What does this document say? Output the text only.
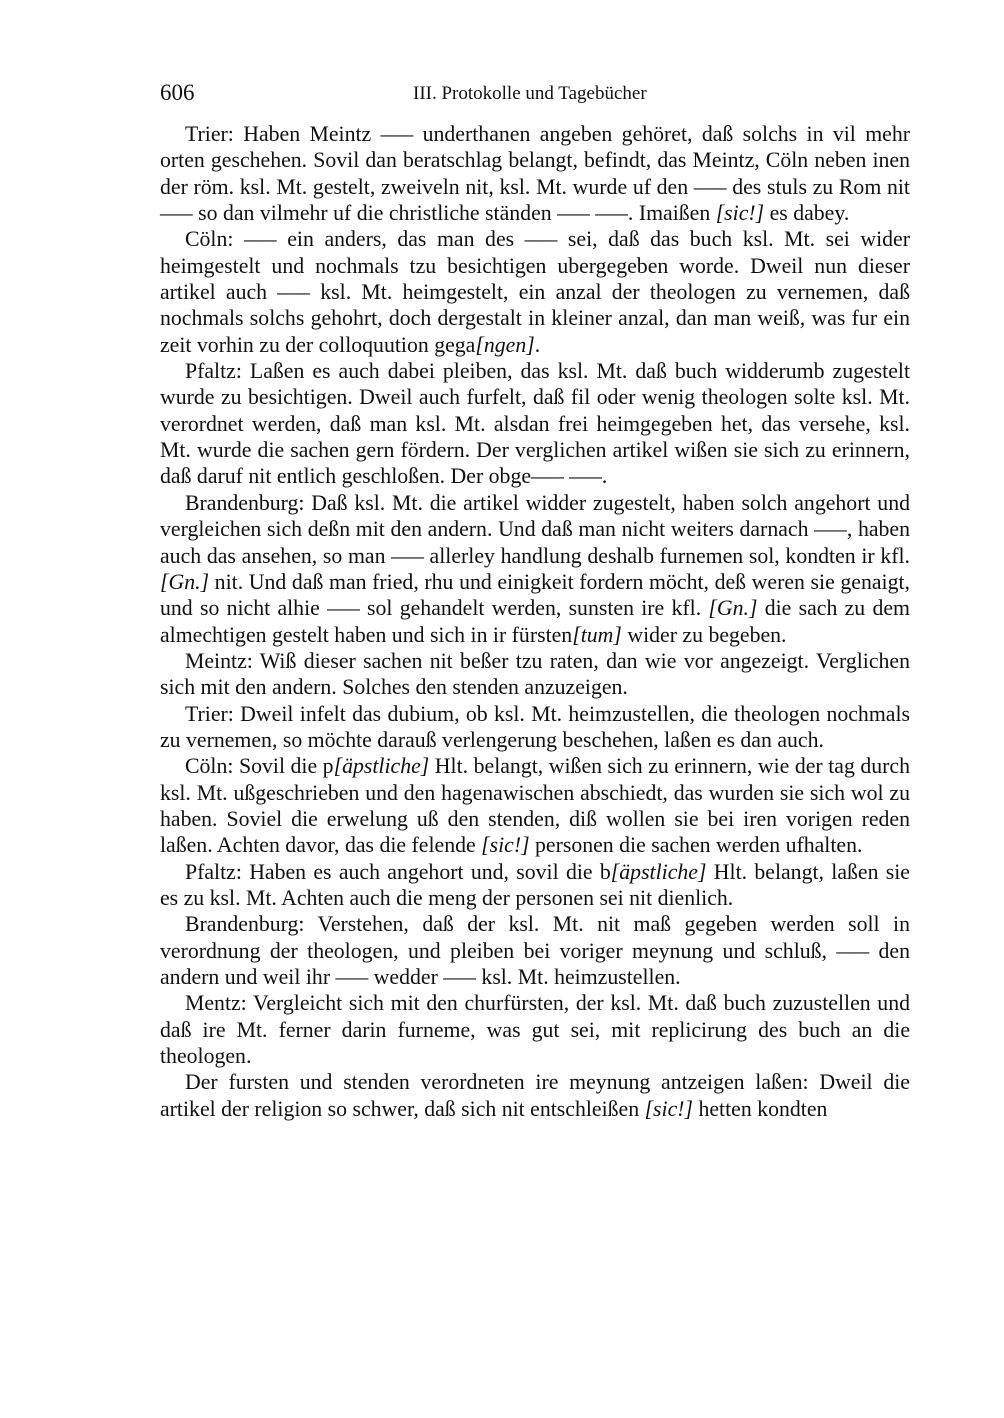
606	III. Protokolle und Tagebücher

Trier: Haben Meintz ––– underthanen angeben gehöret, daß solchs in vil mehr orten geschehen. Sovil dan beratschlag belangt, befindt, das Meintz, Cöln neben inen der röm. ksl. Mt. gestelt, zweiveln nit, ksl. Mt. wurde uf den ––– des stuls zu Rom nit ––– so dan vilmehr uf die christliche ständen ––– –––. Imaißen [sic!] es dabey.

Cöln: ––– ein anders, das man des ––– sei, daß das buch ksl. Mt. sei wider heimgestelt und nochmals tzu besichtigen ubergegeben worde. Dweil nun dieser artikel auch ––– ksl. Mt. heimgestelt, ein anzal der theologen zu vernemen, daß nochmals solchs gehohrt, doch dergestalt in kleiner anzal, dan man weiß, was fur ein zeit vorhin zu der colloquution gega[ngen].

Pfaltz: Laßen es auch dabei pleiben, das ksl. Mt. daß buch widderumb zugestelt wurde zu besichtigen. Dweil auch furfelt, daß fil oder wenig theologen solte ksl. Mt. verordnet werden, daß man ksl. Mt. alsdan frei heimgegeben het, das versehe, ksl. Mt. wurde die sachen gern fördern. Der verglichen artikel wißen sie sich zu erinnern, daß daruf nit entlich geschloßen. Der obge––– –––.

Brandenburg: Daß ksl. Mt. die artikel widder zugestelt, haben solch angehort und vergleichen sich deßn mit den andern. Und daß man nicht weiters darnach –––, haben auch das ansehen, so man ––– allerley handlung deshalb furnemen sol, kondten ir kfl. [Gn.] nit. Und daß man fried, rhu und einigkeit fordern möcht, deß weren sie genaigt, und so nicht alhie ––– sol gehandelt werden, sunsten ire kfl. [Gn.] die sach zu dem almechtigen gestelt haben und sich in ir fürsten[tum] wider zu begeben.

Meintz: Wiß dieser sachen nit beßer tzu raten, dan wie vor angezeigt. Verglichen sich mit den andern. Solches den stenden anzuzeigen.

Trier: Dweil infelt das dubium, ob ksl. Mt. heimzustellen, die theologen nochmals zu vernemen, so möchte darauß verlengerung beschehen, laßen es dan auch.

Cöln: Sovil die p[äpstliche] Hlt. belangt, wißen sich zu erinnern, wie der tag durch ksl. Mt. ußgeschrieben und den hagenawischen abschiedt, das wurden sie sich wol zu haben. Soviel die erwelung uß den stenden, diß wollen sie bei iren vorigen reden laßen. Achten davor, das die felende [sic!] personen die sachen werden ufhalten.

Pfaltz: Haben es auch angehort und, sovil die b[äpstliche] Hlt. belangt, laßen sie es zu ksl. Mt. Achten auch die meng der personen sei nit dienlich.

Brandenburg: Verstehen, daß der ksl. Mt. nit maß gegeben werden soll in verordnung der theologen, und pleiben bei voriger meynung und schluß, ––– den andern und weil ihr ––– wedder ––– ksl. Mt. heimzustellen.

Mentz: Vergleicht sich mit den churfürsten, der ksl. Mt. daß buch zuzustellen und daß ire Mt. ferner darin furneme, was gut sei, mit replicirung des buch an die theologen.

Der fursten und stenden verordneten ire meynung antzeigen laßen: Dweil die artikel der religion so schwer, daß sich nit entschleißen [sic!] hetten kondten
